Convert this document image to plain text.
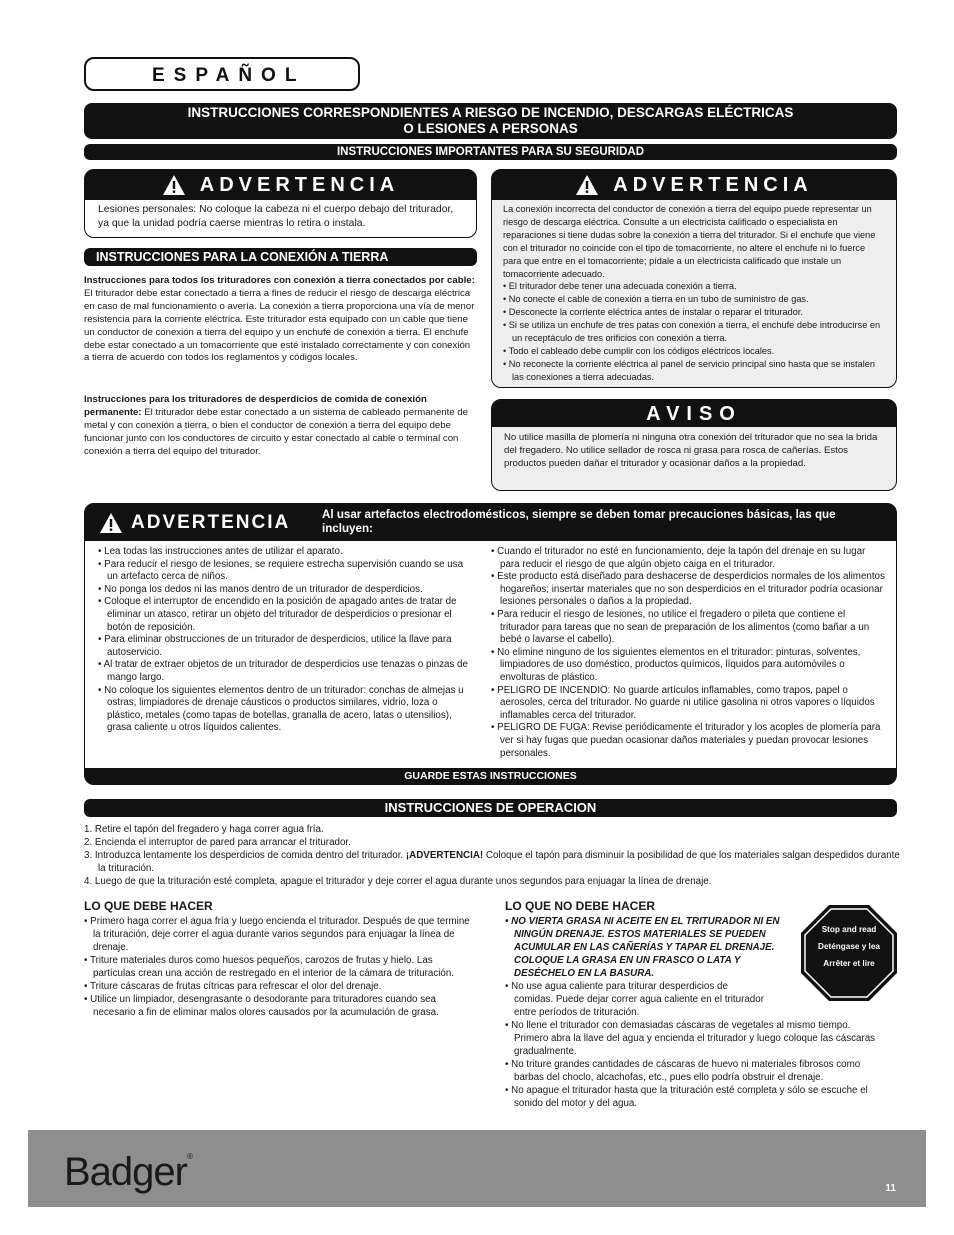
ESPAÑOL
INSTRUCCIONES CORRESPONDIENTES A RIESGO DE INCENDIO, DESCARGAS ELÉCTRICAS
O LESIONES A PERSONAS
INSTRUCCIONES IMPORTANTES PARA SU SEGURIDAD
ADVERTENCIA
Lesiones personales: No coloque la cabeza ni el cuerpo debajo del triturador, ya que la unidad podría caerse mientras lo retira o instala.
INSTRUCCIONES PARA LA CONEXIÓN A TIERRA
Instrucciones para todos los trituradores con conexión a tierra conectados por cable: El triturador debe estar conectado a tierra a fines de reducir el riesgo de descarga eléctrica en caso de mal funcionamiento o avería. La conexión a tierra proporciona una vía de menor resistencia para la corriente eléctrica. Este triturador está equipado con un cable que tiene un conductor de conexión a tierra del equipo y un enchufe de conexión a tierra. El enchufe debe estar conectado a un tomacorriente que esté instalado correctamente y con conexión a tierra de acuerdo con todos los reglamentos y códigos locales.
Instrucciones para los trituradores de desperdicios de comida de conexión permanente: El triturador debe estar conectado a un sistema de cableado permanente de metal y con conexión a tierra, o bien el conductor de conexión a tierra del equipo debe funcionar junto con los conductores de circuito y estar conectado al cable o terminal con conexión a tierra del equipo del triturador.
ADVERTENCIA
La conexión incorrecta del conductor de conexión a tierra del equipo puede representar un riesgo de descarga eléctrica. Consulte a un electricista calificado o especialista en reparaciones si tiene dudas sobre la conexión a tierra del triturador. Si el enchufe que viene con el triturador no coincide con el tipo de tomacorriente, no altere el enchufe ni lo fuerce para que entre en el tomacorriente; pídale a un electricista calificado que instale un tomacorriente adecuado.
• El triturador debe tener una adecuada conexión a tierra.
• No conecte el cable de conexión a tierra en un tubo de suministro de gas.
• Desconecte la corriente eléctrica antes de instalar o reparar el triturador.
• Si se utiliza un enchufe de tres patas con conexión a tierra, el enchufe debe introducirse en un receptáculo de tres orificios con conexión a tierra.
• Todo el cableado debe cumplir con los códigos eléctricos locales.
• No reconecte la corriente eléctrica al panel de servicio principal sino hasta que se instalen las conexiones a tierra adecuadas.
AVISO
No utilice masilla de plomería ni ninguna otra conexión del triturador que no sea la brida del fregadero. No utilice sellador de rosca ni grasa para rosca de cañerías. Estos productos pueden dañar el triturador y ocasionar daños a la propiedad.
ADVERTENCIA	Al usar artefactos electrodomésticos, siempre se deben tomar precauciones básicas, las que incluyen:
• Lea todas las instrucciones antes de utilizar el aparato.
• Para reducir el riesgo de lesiones, se requiere estrecha supervisión cuando se usa un artefacto cerca de niños.
• No ponga los dedos ni las manos dentro de un triturador de desperdicios.
• Coloque el interruptor de encendido en la posición de apagado antes de tratar de eliminar un atasco, retirar un objeto del triturador de desperdicios o presionar el botón de reposición.
• Para eliminar obstrucciones de un triturador de desperdicios, utilice la llave para autoservicio.
• Al tratar de extraer objetos de un triturador de desperdicios use tenazas o pinzas de mango largo.
• No coloque los siguientes elementos dentro de un triturador: conchas de almejas u ostras, limpiadores de drenaje cáusticos o productos similares, vidrio, loza o plástico, metales (como tapas de botellas, granalla de acero, latas o utensilios), grasa caliente u otros líquidos calientes.
• Cuando el triturador no esté en funcionamiento, deje la tapón del drenaje en su lugar para reducir el riesgo de que algún objeto caiga en el triturador.
• Este producto está diseñado para deshacerse de desperdicios normales de los alimentos hogareños; insertar materiales que no son desperdicios en el triturador podría ocasionar lesiones personales o daños a la propiedad.
• Para reducir el riesgo de lesiones, no utilice el fregadero o pileta que contiene el triturador para tareas que no sean de preparación de los alimentos (como bañar a un bebé o lavarse el cabello).
• No elimine ninguno de los siguientes elementos en el triturador: pinturas, solventes, limpiadores de uso doméstico, productos químicos, líquidos para automóviles o envolturas de plástico.
• PELIGRO DE INCENDIO: No guarde artículos inflamables, como trapos, papel o aerosoles, cerca del triturador. No guarde ni utilice gasolina ni otros vapores o líquidos inflamables cerca del triturador.
• PELIGRO DE FUGA: Revise periódicamente el triturador y los acoples de plomería para ver si hay fugas que puedan ocasionar daños materiales y puedan provocar lesiones personales.
GUARDE ESTAS INSTRUCCIONES
INSTRUCCIONES DE OPERACION
1. Retire el tapón del fregadero y haga correr agua fría.
2. Encienda el interruptor de pared para arrancar el triturador.
3. Introduzca lentamente los desperdicios de comida dentro del triturador. ¡ADVERTENCIA! Coloque el tapón para disminuir la posibilidad de que los materiales salgan despedidos durante la trituración.
4. Luego de que la trituración esté completa, apague el triturador y deje correr el agua durante unos segundos para enjuagar la línea de drenaje.
LO QUE DEBE HACER
• Primero haga correr el agua fría y luego encienda el triturador. Después de que termine la trituración, deje correr el agua durante varios segundos para enjuagar la línea de drenaje.
• Triture materiales duros como huesos pequeños, carozos de frutas y hielo. Las partículas crean una acción de restregado en el interior de la cámara de trituración.
• Triture cáscaras de frutas cítricas para refrescar el olor del drenaje.
• Utilice un limpiador, desengrasante o desodorante para trituradores cuando sea necesario a fin de eliminar malos olores causados por la acumulación de grasa.
LO QUE NO DEBE HACER
• NO VIERTA GRASA NI ACEITE EN EL TRITURADOR NI EN NINGÚN DRENAJE. ESTOS MATERIALES SE PUEDEN ACUMULAR EN LAS CAÑERÍAS Y TAPAR EL DRENAJE. COLOQUE LA GRASA EN UN FRASCO O LATA Y DESÉCHELO EN LA BASURA.
• No use agua caliente para triturar desperdicios de comidas. Puede dejar correr agua caliente en el triturador entre períodos de trituración.
• No llene el triturador con demasiadas cáscaras de vegetales al mismo tiempo. Primero abra la llave del agua y encienda el triturador y luego coloque las cáscaras gradualmente.
• No triture grandes cantidades de cáscaras de huevo ni materiales fibrosos como barbas del choclo, alcachofas, etc., pues ello podría obstruir el drenaje.
• No apague el triturador hasta que la trituración esté completa y sólo se escuche el sonido del motor y del agua.
Stop and read
Deténgase y lea
Arrêter et lire
Badger®
11
